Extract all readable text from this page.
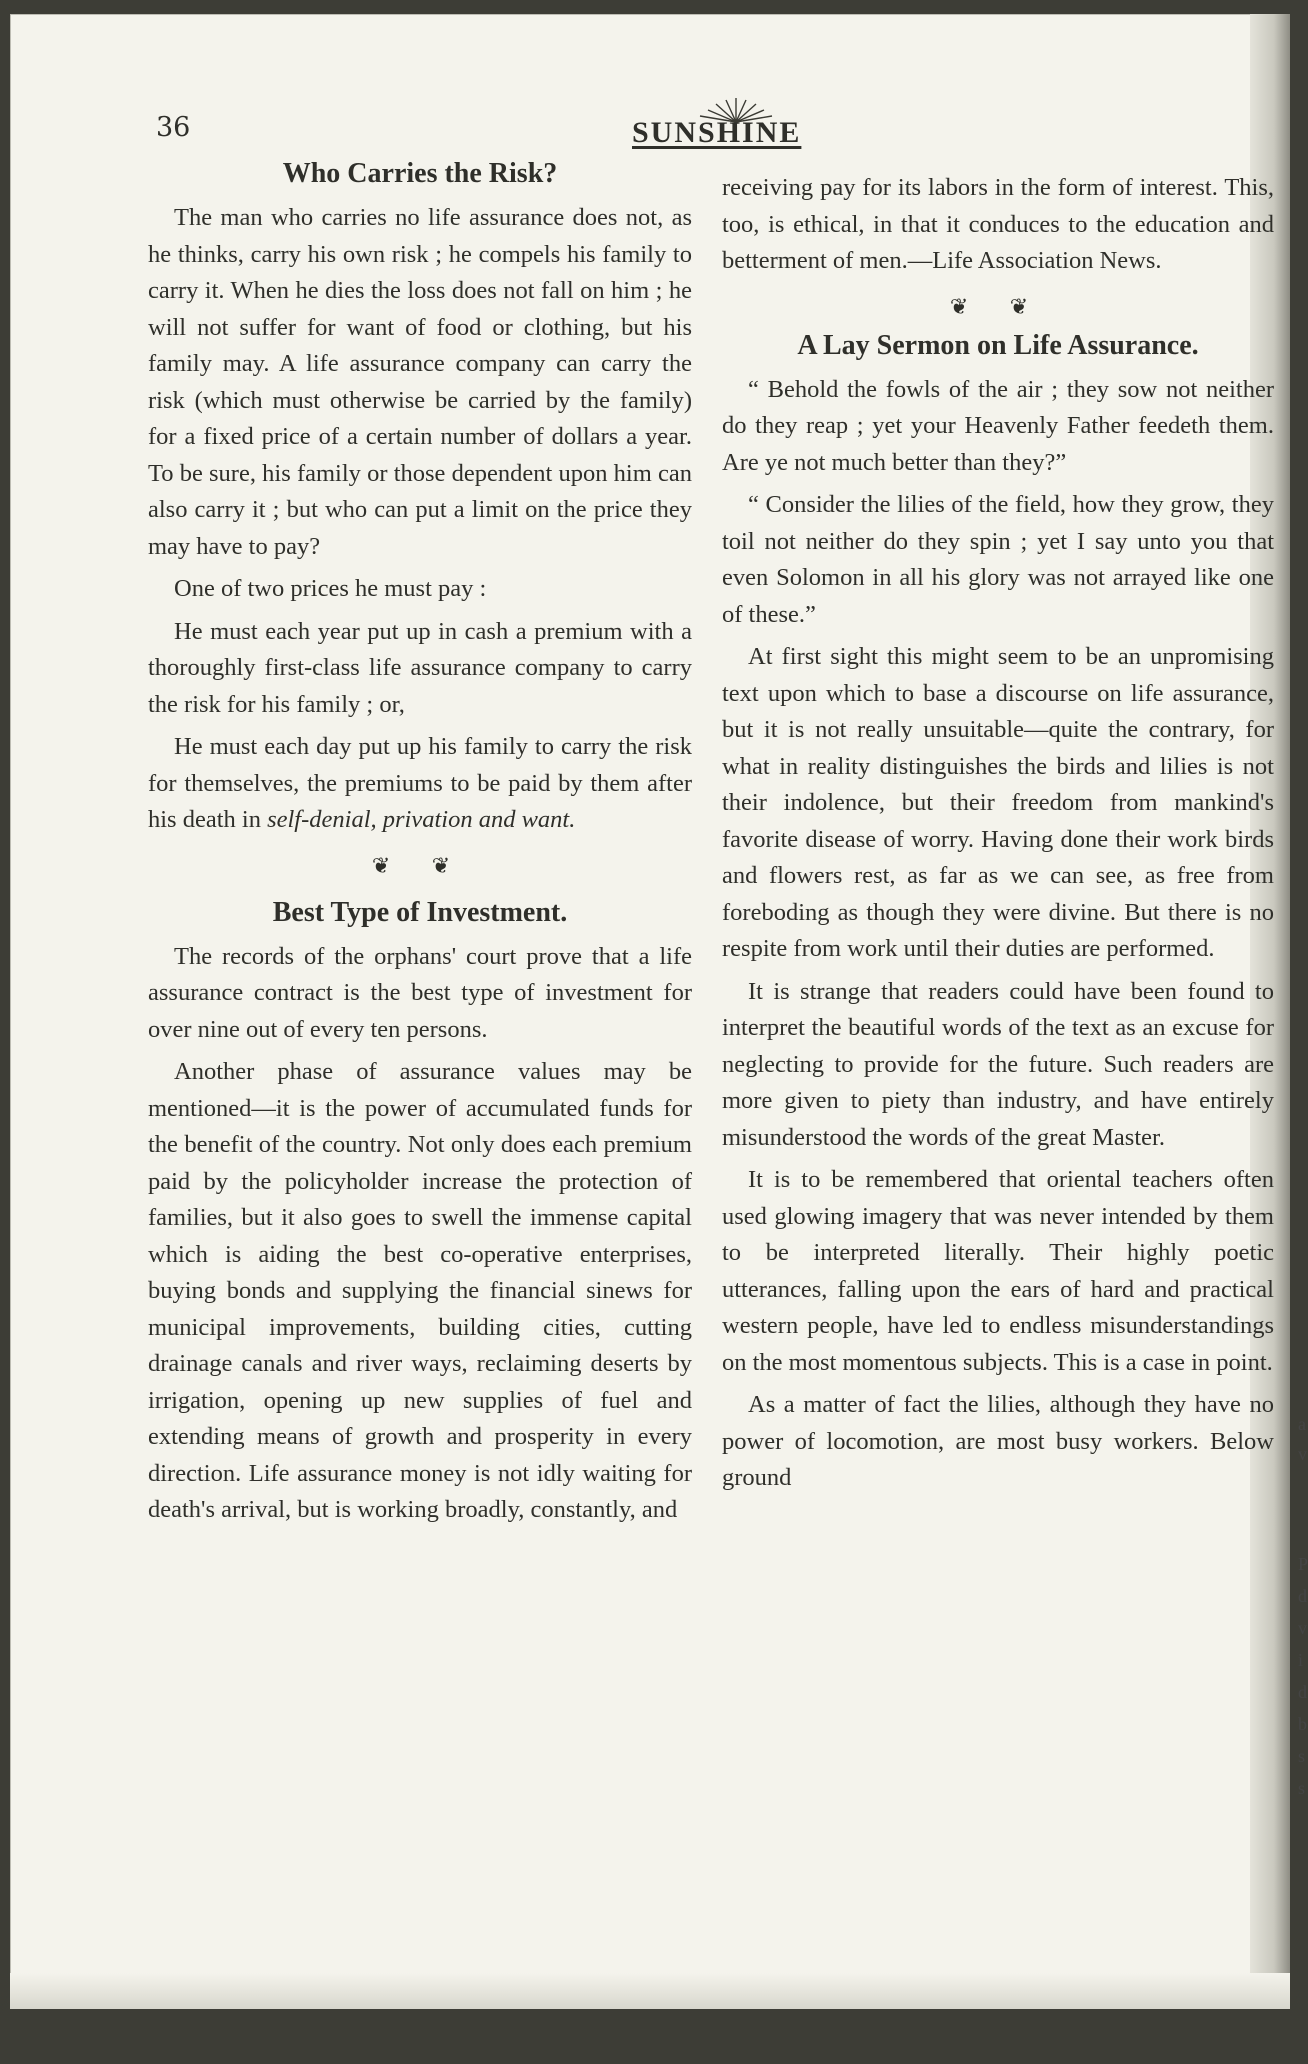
36	SUNSHINE
Who Carries the Risk?

The man who carries no life assurance does not, as he thinks, carry his own risk ; he compels his family to carry it. When he dies the loss does not fall on him ; he will not suffer for want of food or clothing, but his family may. A life assurance company can carry the risk (which must otherwise be carried by the family) for a fixed price of a certain number of dollars a year. To be sure, his family or those dependent upon him can also carry it ; but who can put a limit on the price they may have to pay?

One of two prices he must pay :

He must each year put up in cash a premium with a thoroughly first-class life assurance company to carry the risk for his family ; or,

He must each day put up his family to carry the risk for themselves, the premiums to be paid by them after his death in self-denial, privation and want.

❦ ❦
Best Type of Investment.

The records of the orphans' court prove that a life assurance contract is the best type of investment for over nine out of every ten persons.

Another phase of assurance values may be mentioned—it is the power of accumulated funds for the benefit of the country. Not only does each premium paid by the policyholder increase the protection of families, but it also goes to swell the immense capital which is aiding the best co-operative enterprises, buying bonds and supplying the financial sinews for municipal improvements, building cities, cutting drainage canals and river ways, reclaiming deserts by irrigation, opening up new supplies of fuel and extending means of growth and prosperity in every direction. Life assurance money is not idly waiting for death's arrival, but is working broadly, constantly, and

receiving pay for its labors in the form of interest. This, too, is ethical, in that it conduces to the education and betterment of men.—Life Association News.

❦ ❦
A Lay Sermon on Life Assurance.

“ Behold the fowls of the air ; they sow not neither do they reap ; yet your Heavenly Father feedeth them. Are ye not much better than they?”

“ Consider the lilies of the field, how they grow, they toil not neither do they spin ; yet I say unto you that even Solomon in all his glory was not arrayed like one of these.”

At first sight this might seem to be an unpromising text upon which to base a discourse on life assurance, but it is not really unsuitable—quite the contrary, for what in reality distinguishes the birds and lilies is not their indolence, but their freedom from mankind's favorite disease of worry. Having done their work birds and flowers rest, as far as we can see, as free from foreboding as though they were divine. But there is no respite from work until their duties are performed.

It is strange that readers could have been found to interpret the beautiful words of the text as an excuse for neglecting to provide for the future. Such readers are more given to piety than industry, and have entirely misunderstood the words of the great Master.

It is to be remembered that oriental teachers often used glowing imagery that was never intended by them to be interpreted literally. Their highly poetic utterances, falling upon the ears of hard and practical western people, have led to endless misunderstandings on the most momentous subjects. This is a case in point.

As a matter of fact the lilies, although they have no power of locomotion, are most busy workers. Below ground

a
v
P
d
v
i
d
b
s
s
